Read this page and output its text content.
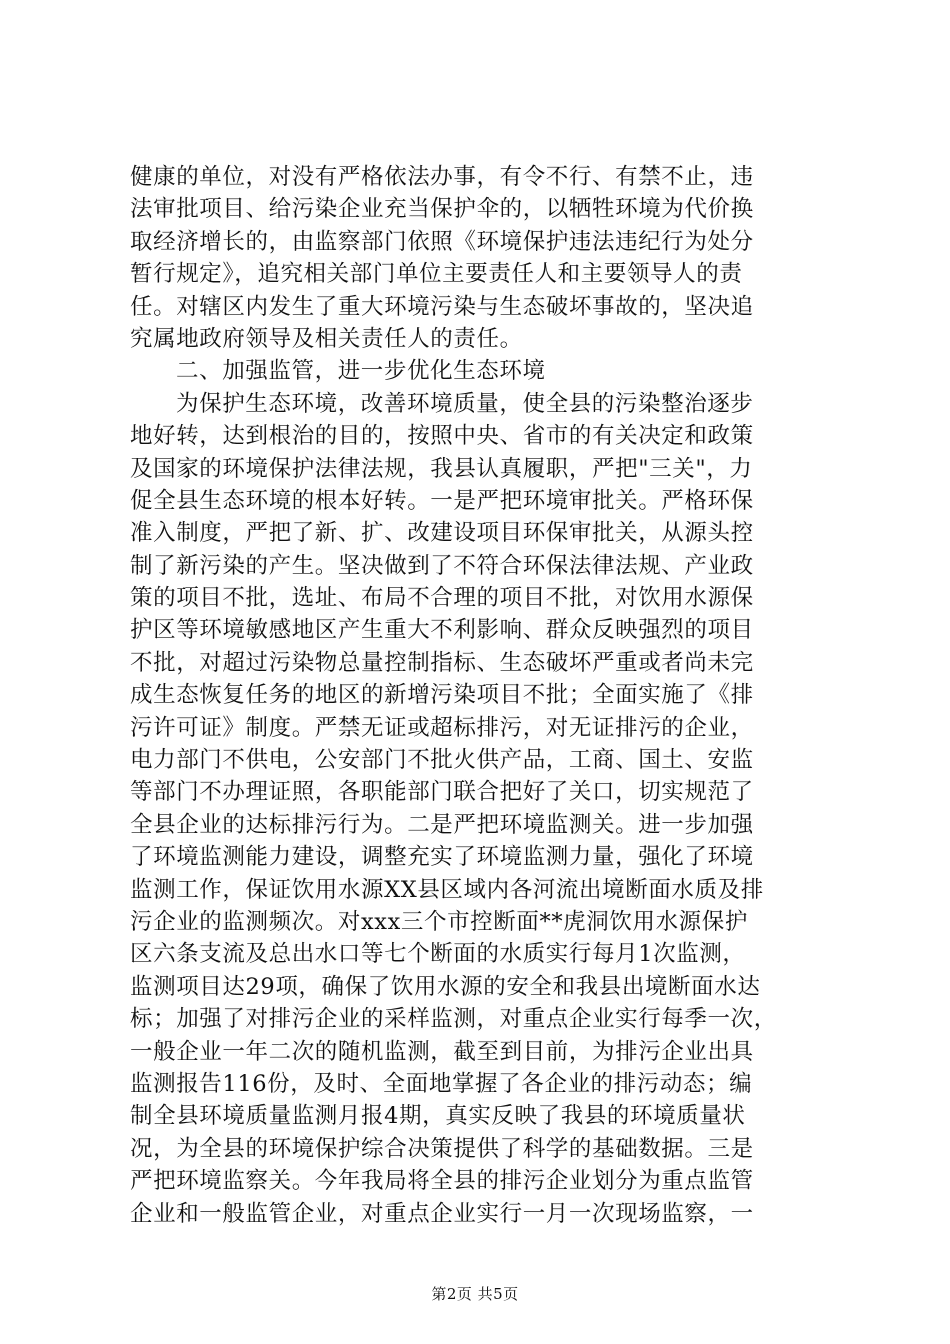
健康的单位，对没有严格依法办事，有令不行、有禁不止，违
法审批项目、给污染企业充当保护伞的，以牺牲环境为代价换
取经济增长的，由监察部门依照《环境保护违法违纪行为处分
暂行规定》，追究相关部门单位主要责任人和主要领导人的责
任。对辖区内发生了重大环境污染与生态破坏事故的，坚决追
究属地政府领导及相关责任人的责任。
二、加强监管，进一步优化生态环境
为保护生态环境，改善环境质量，使全县的污染整治逐步
地好转，达到根治的目的，按照中央、省市的有关决定和政策
及国家的环境保护法律法规，我县认真履职，严把"三关"，力
促全县生态环境的根本好转。一是严把环境审批关。严格环保
准入制度，严把了新、扩、改建设项目环保审批关，从源头控
制了新污染的产生。坚决做到了不符合环保法律法规、产业政
策的项目不批，选址、布局不合理的项目不批，对饮用水源保
护区等环境敏感地区产生重大不利影响、群众反映强烈的项目
不批，对超过污染物总量控制指标、生态破坏严重或者尚未完
成生态恢复任务的地区的新增污染项目不批；全面实施了《排
污许可证》制度。严禁无证或超标排污，对无证排污的企业，
电力部门不供电，公安部门不批火供产品，工商、国土、安监
等部门不办理证照，各职能部门联合把好了关口，切实规范了
全县企业的达标排污行为。二是严把环境监测关。进一步加强
了环境监测能力建设，调整充实了环境监测力量，强化了环境
监测工作，保证饮用水源XX县区域内各河流出境断面水质及排
污企业的监测频次。对xxx三个市控断面**虎洞饮用水源保护
区六条支流及总出水口等七个断面的水质实行每月1次监测，
监测项目达29项，确保了饮用水源的安全和我县出境断面水达
标；加强了对排污企业的采样监测，对重点企业实行每季一次，
一般企业一年二次的随机监测，截至到目前，为排污企业出具
监测报告116份，及时、全面地掌握了各企业的排污动态；编
制全县环境质量监测月报4期，真实反映了我县的环境质量状
况，为全县的环境保护综合决策提供了科学的基础数据。三是
严把环境监察关。今年我局将全县的排污企业划分为重点监管
企业和一般监管企业，对重点企业实行一月一次现场监察，一
第2页 共5页
